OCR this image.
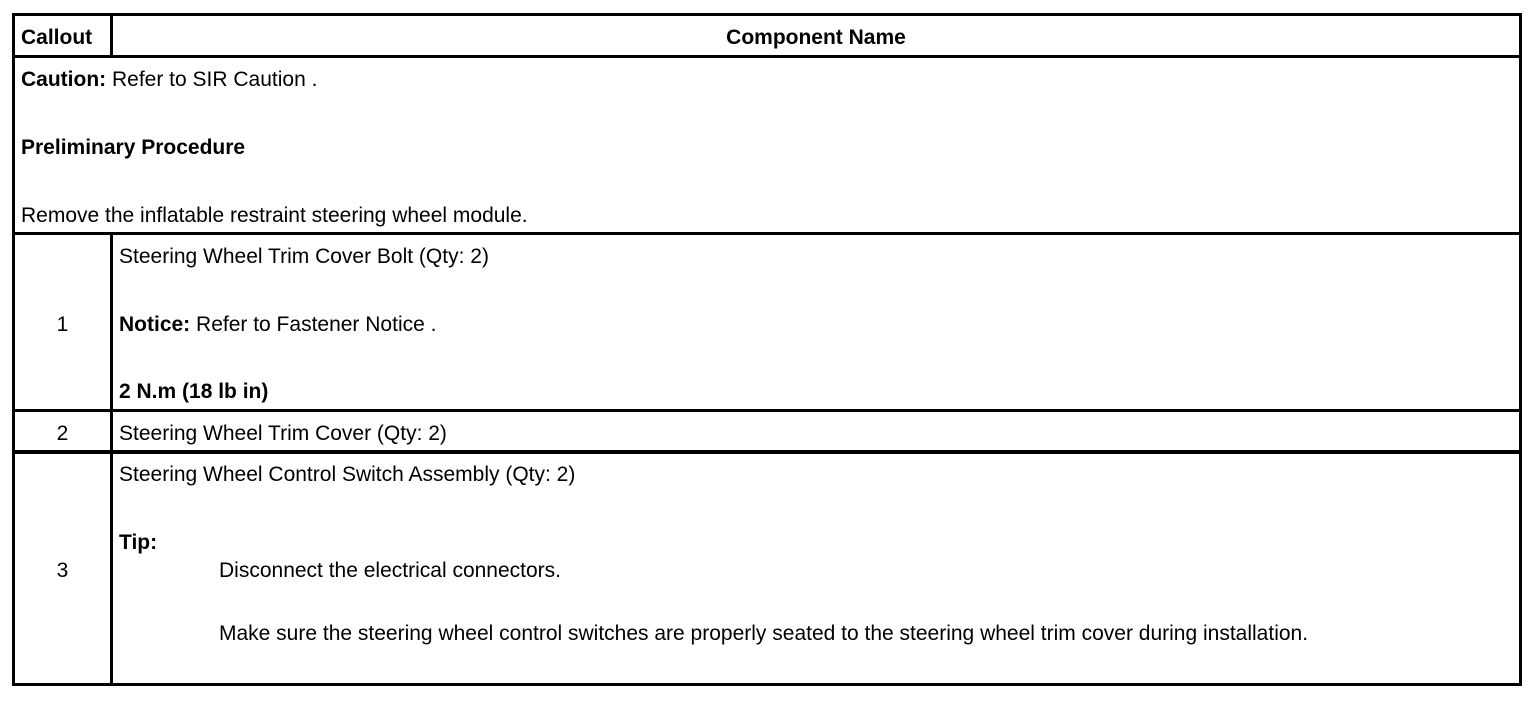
Callout	Component Name
Caution: Refer to SIR Caution .
Preliminary Procedure
Remove the inflatable restraint steering wheel module.
1
Steering Wheel Trim Cover Bolt (Qty: 2)
Notice: Refer to Fastener Notice .
2 N.m (18 lb in)
2	Steering Wheel Trim Cover (Qty: 2)
3
Steering Wheel Control Switch Assembly (Qty: 2)
Tip:
Disconnect the electrical connectors.
Make sure the steering wheel control switches are properly seated to the steering wheel trim cover during installation.
